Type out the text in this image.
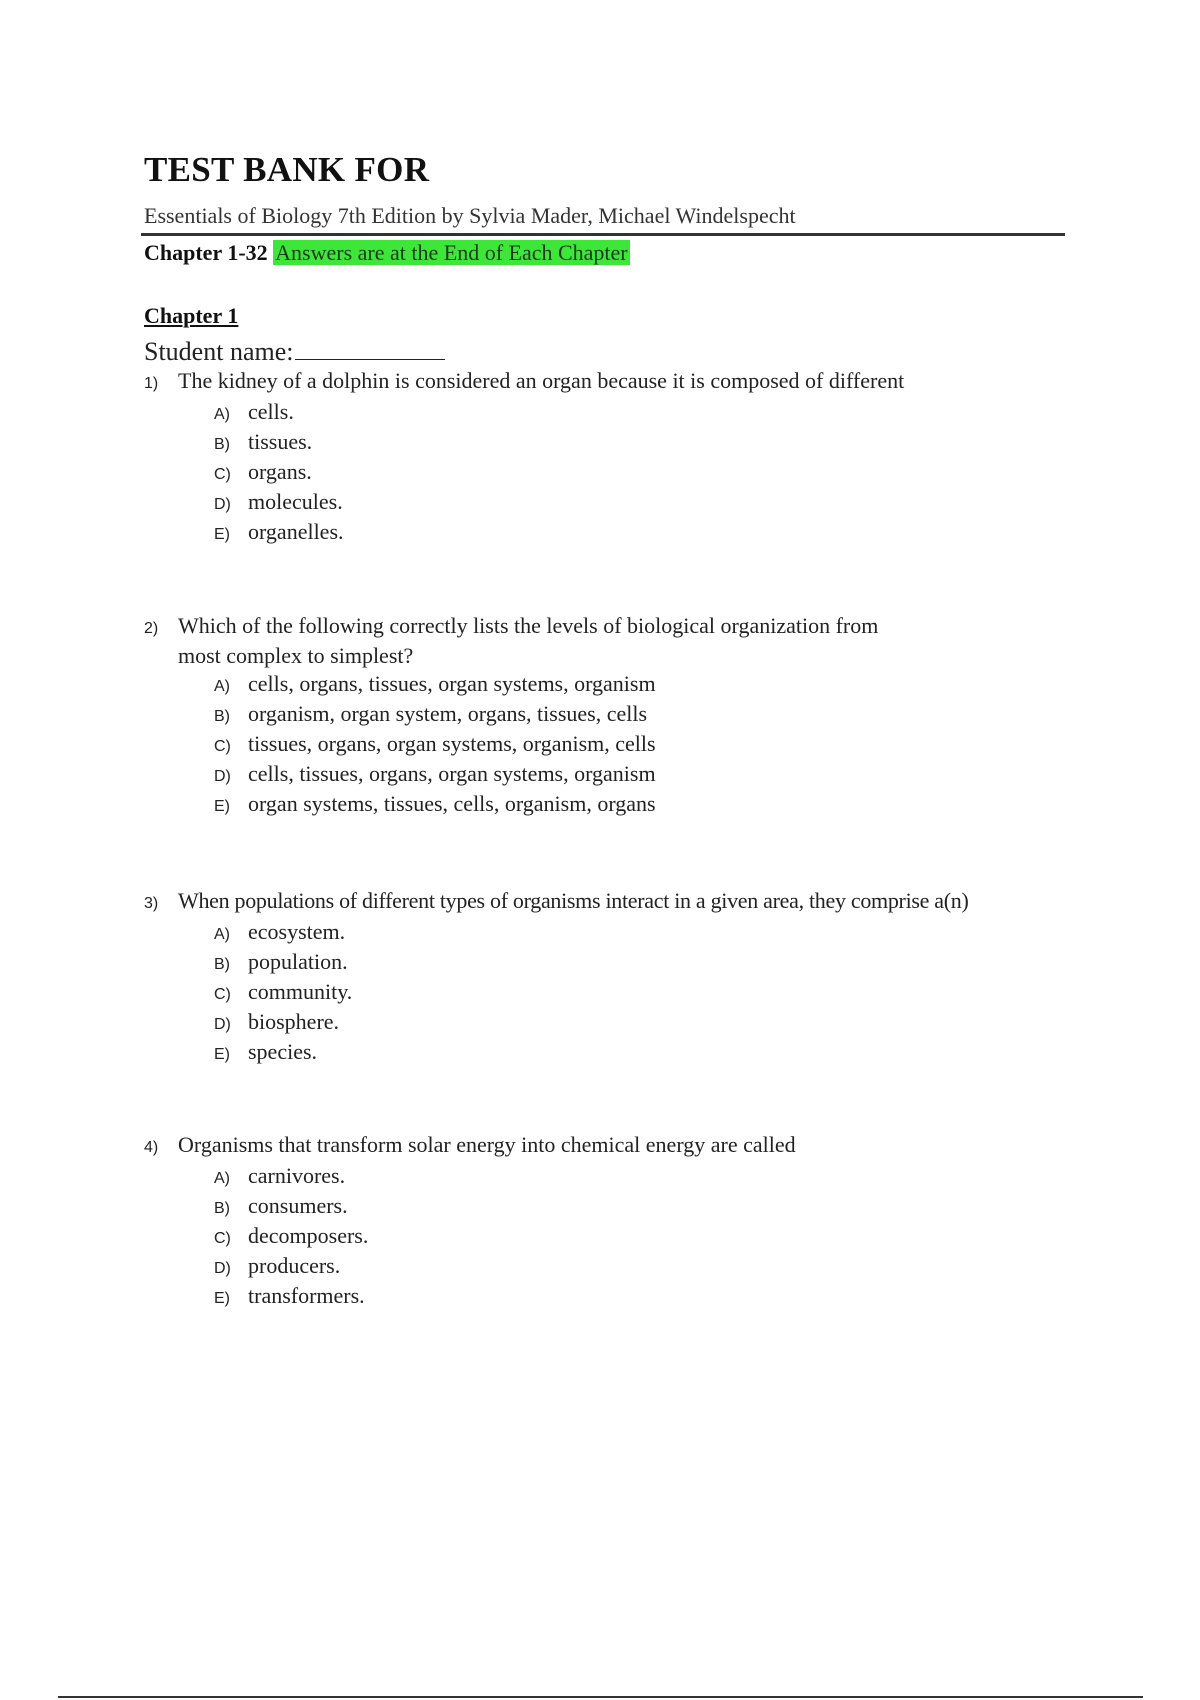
TEST BANK FOR
Essentials of Biology 7th Edition by Sylvia Mader, Michael Windelspecht
Chapter 1-32 Answers are at the End of Each Chapter
Chapter 1
Student name:
1) The kidney of a dolphin is considered an organ because it is composed of different
A) cells.
B) tissues.
C) organs.
D) molecules.
E) organelles.
2) Which of the following correctly lists the levels of biological organization from most complex to simplest?
A) cells, organs, tissues, organ systems, organism
B) organism, organ system, organs, tissues, cells
C) tissues, organs, organ systems, organism, cells
D) cells, tissues, organs, organ systems, organism
E) organ systems, tissues, cells, organism, organs
3) When populations of different types of organisms interact in a given area, they comprise a(n)
A) ecosystem.
B) population.
C) community.
D) biosphere.
E) species.
4) Organisms that transform solar energy into chemical energy are called
A) carnivores.
B) consumers.
C) decomposers.
D) producers.
E) transformers.
